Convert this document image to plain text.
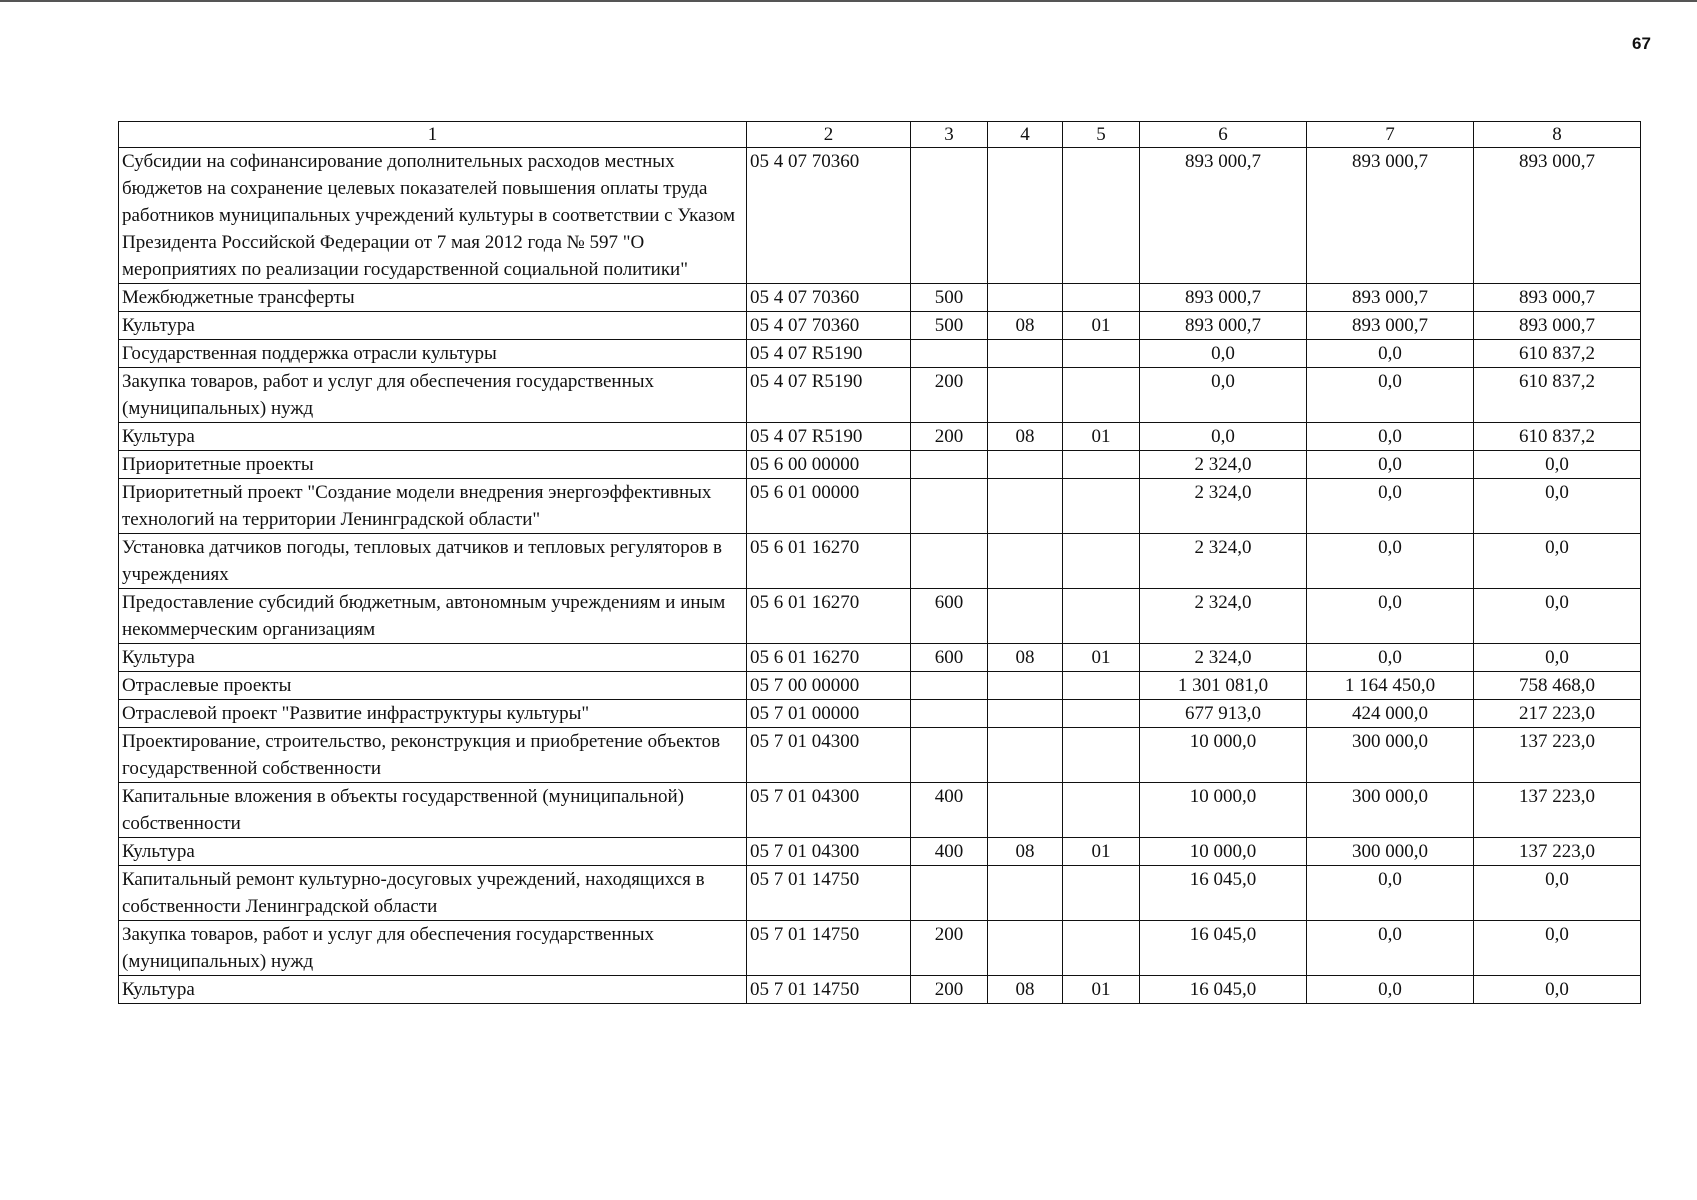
67
1	2	3	4	5	6	7	8
Субсидии на софинансирование дополнительных расходов местных бюджетов на сохранение целевых показателей повышения оплаты труда работников муниципальных учреждений культуры в соответствии с Указом Президента Российской Федерации от 7 мая 2012 года № 597 "О мероприятиях по реализации государственной социальной политики"	05 4 07 70360				893 000,7	893 000,7	893 000,7
Межбюджетные трансферты	05 4 07 70360	500			893 000,7	893 000,7	893 000,7
Культура	05 4 07 70360	500	08	01	893 000,7	893 000,7	893 000,7
Государственная поддержка отрасли культуры	05 4 07 R5190				0,0	0,0	610 837,2
Закупка товаров, работ и услуг для обеспечения государственных (муниципальных) нужд	05 4 07 R5190	200			0,0	0,0	610 837,2
Культура	05 4 07 R5190	200	08	01	0,0	0,0	610 837,2
Приоритетные проекты	05 6 00 00000				2 324,0	0,0	0,0
Приоритетный проект "Создание модели внедрения энергоэффективных технологий на территории Ленинградской области"	05 6 01 00000				2 324,0	0,0	0,0
Установка датчиков погоды, тепловых датчиков и тепловых регуляторов в учреждениях	05 6 01 16270				2 324,0	0,0	0,0
Предоставление субсидий бюджетным, автономным учреждениям и иным некоммерческим организациям	05 6 01 16270	600			2 324,0	0,0	0,0
Культура	05 6 01 16270	600	08	01	2 324,0	0,0	0,0
Отраслевые проекты	05 7 00 00000				1 301 081,0	1 164 450,0	758 468,0
Отраслевой проект "Развитие инфраструктуры культуры"	05 7 01 00000				677 913,0	424 000,0	217 223,0
Проектирование, строительство, реконструкция и приобретение объектов государственной собственности	05 7 01 04300				10 000,0	300 000,0	137 223,0
Капитальные вложения в объекты государственной (муниципальной) собственности	05 7 01 04300	400			10 000,0	300 000,0	137 223,0
Культура	05 7 01 04300	400	08	01	10 000,0	300 000,0	137 223,0
Капитальный ремонт культурно-досуговых учреждений, находящихся в собственности Ленинградской области	05 7 01 14750				16 045,0	0,0	0,0
Закупка товаров, работ и услуг для обеспечения государственных (муниципальных) нужд	05 7 01 14750	200			16 045,0	0,0	0,0
Культура	05 7 01 14750	200	08	01	16 045,0	0,0	0,0
